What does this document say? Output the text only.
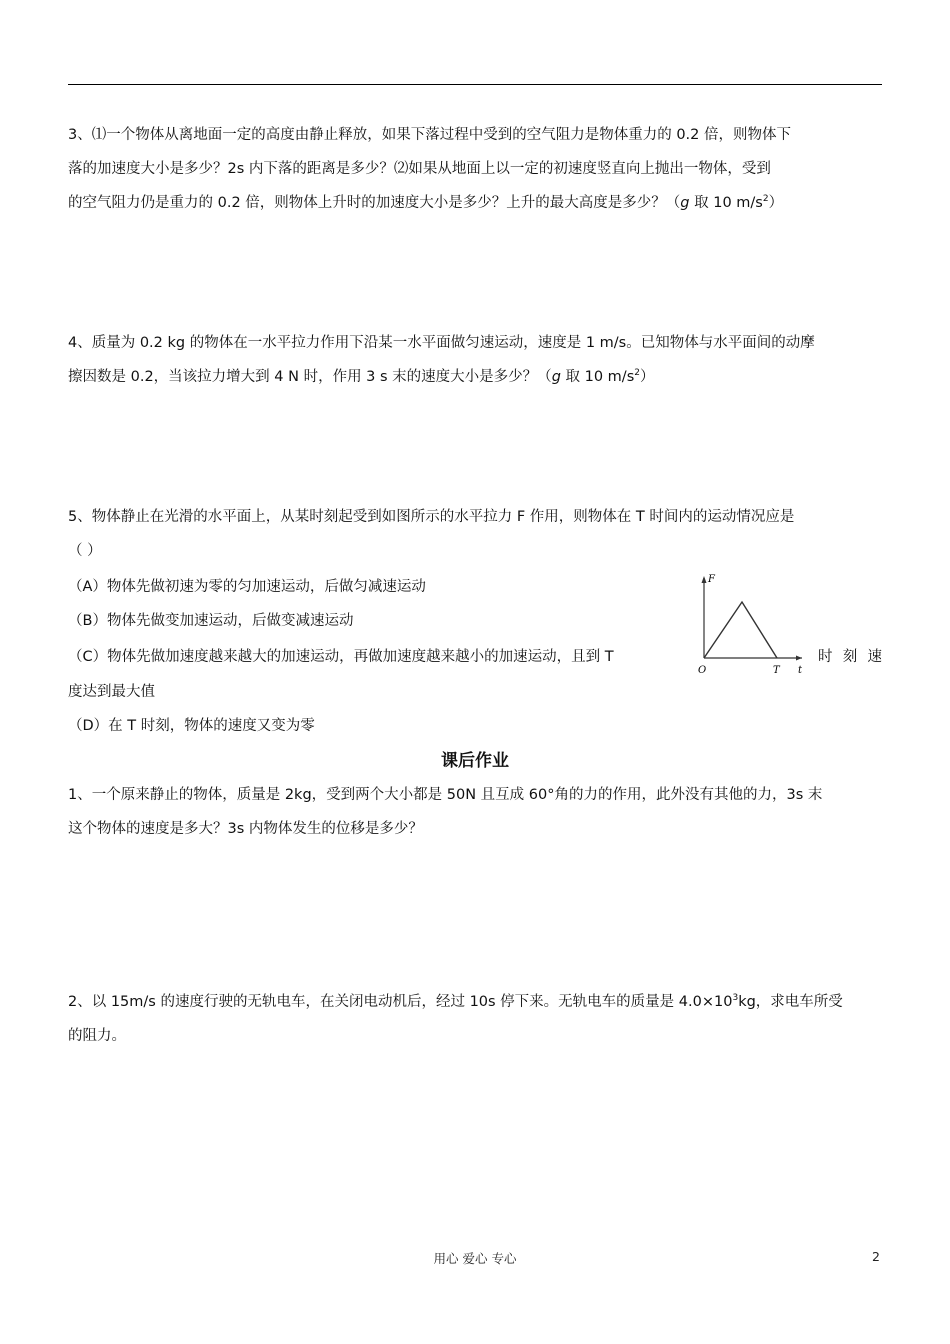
3、⑴一个物体从离地面一定的高度由静止释放，如果下落过程中受到的空气阻力是物体重力的 0.2 倍，则物体下
落的加速度大小是多少？2s 内下落的距离是多少？⑵如果从地面上以一定的初速度竖直向上抛出一物体，受到
的空气阻力仍是重力的 0.2 倍，则物体上升时的加速度大小是多少？上升的最大高度是多少？（g 取 10 $m/s^2$）
4、质量为 0.2 kg 的物体在一水平拉力作用下沿某一水平面做匀速运动，速度是 1 m/s。已知物体与水平面间的动摩
擦因数是 0.2，当该拉力增大到 4 N 时，作用 3 s 末的速度大小是多少？（g 取 10 $m/s^2$）
5、物体静止在光滑的水平面上，从某时刻起受到如图所示的水平拉力 F 作用，则物体在 T 时间内的运动情况应是
（ ）
（A）物体先做初速为零的匀加速运动，后做匀减速运动
（B）物体先做变加速运动，后做变减速运动
（C）物体先做加速度越来越大的加速运动，再做加速度越来越小的加速运动，且到 T	时 刻 速
度达到最大值
（D）在 T 时刻，物体的速度又变为零
F
t
O	T
课后作业
1、一个原来静止的物体，质量是 2kg，受到两个大小都是 50N 且互成 60°角的力的作用，此外没有其他的力，3s 末
这个物体的速度是多大？3s 内物体发生的位移是多少？
2、以 15m/s 的速度行驶的无轨电车，在关闭电动机后，经过 10s 停下来。无轨电车的质量是 $4.0\times 10^3kg$，求电车所受
的阻力。
用心 爱心 专心	2
